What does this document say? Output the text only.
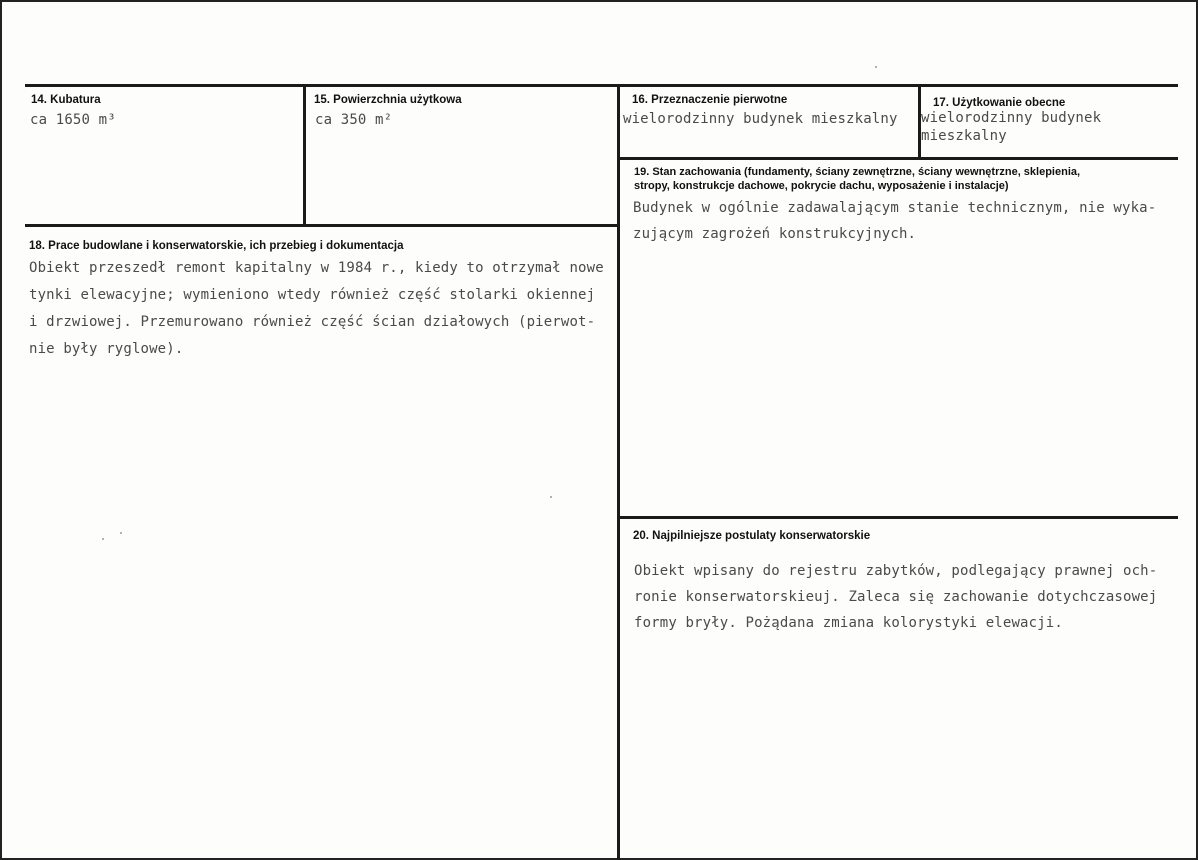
14. Kubatura
ca 1650 m³
15. Powierzchnia użytkowa
ca 350 m²
16. Przeznaczenie pierwotne
wielorodzinny budynek mieszkalny
17. Użytkowanie obecne
wielorodzinny budynek
mieszkalny
18. Prace budowlane i konserwatorskie, ich przebieg i dokumentacja
Obiekt przeszedł remont kapitalny w 1984 r., kiedy to otrzymał nowe
tynki elewacyjne; wymieniono wtedy również część stolarki okiennej
i drzwiowej. Przemurowano również część ścian działowych (pierwot-
nie były ryglowe).
19. Stan zachowania (fundamenty, ściany zewnętrzne, ściany wewnętrzne, sklepienia,
stropy, konstrukcje dachowe, pokrycie dachu, wyposażenie i instalacje)
Budynek w ogólnie zadawalającym stanie technicznym, nie wyka-
zującym zagrożeń konstrukcyjnych.
20. Najpilniejsze postulaty konserwatorskie
Obiekt wpisany do rejestru zabytków, podlegający prawnej och-
ronie konserwatorskieuj. Zaleca się zachowanie dotychczasowej
formy bryły. Pożądana zmiana kolorystyki elewacji.
